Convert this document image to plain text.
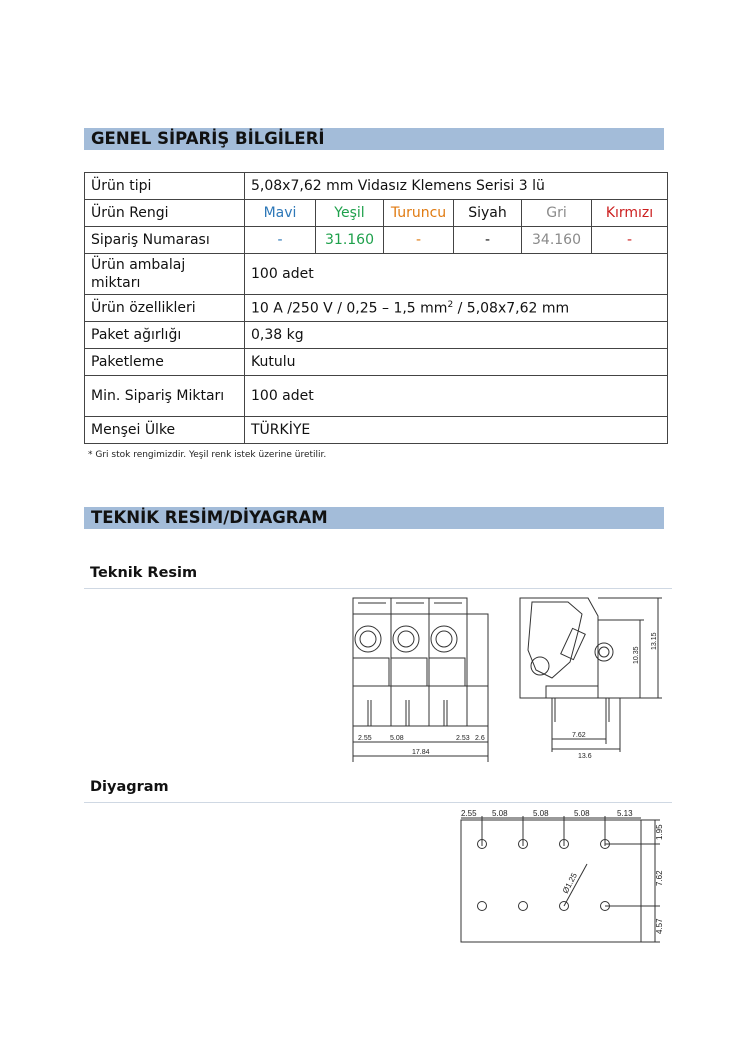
GENEL SİPARİŞ BİLGİLERİ
Ürün tipi	5,08x7,62 mm Vidasız Klemens Serisi 3 lü					
Ürün Rengi	Mavi	Yeşil	Turuncu	Siyah	Gri	Kırmızı
Sipariş Numarası	-	31.160	-	-	34.160	-
Ürün ambalaj miktarı	100 adet					
Ürün özellikleri	10 A /250 V / 0,25 – 1,5 $mm^2 / 5,08x7,62$ mm					
Paket ağırlığı	0,38 kg					
Paketleme	Kutulu					
Min. Sipariş Miktarı	100 adet					
Menşei Ülke	TÜRKİYE					
* Gri stok rengimizdir. Yeşil renk istek üzerine üretilir.
TEKNİK RESİM/DİYAGRAM
Teknik Resim
2.55	5.08	2.53 2.6
17.84
7.62
13.6
10.35
13.15
Diyagram
2.55 5.08	5.08	5.08	5.13
1.95
7.62
4.57
Ø1.25
